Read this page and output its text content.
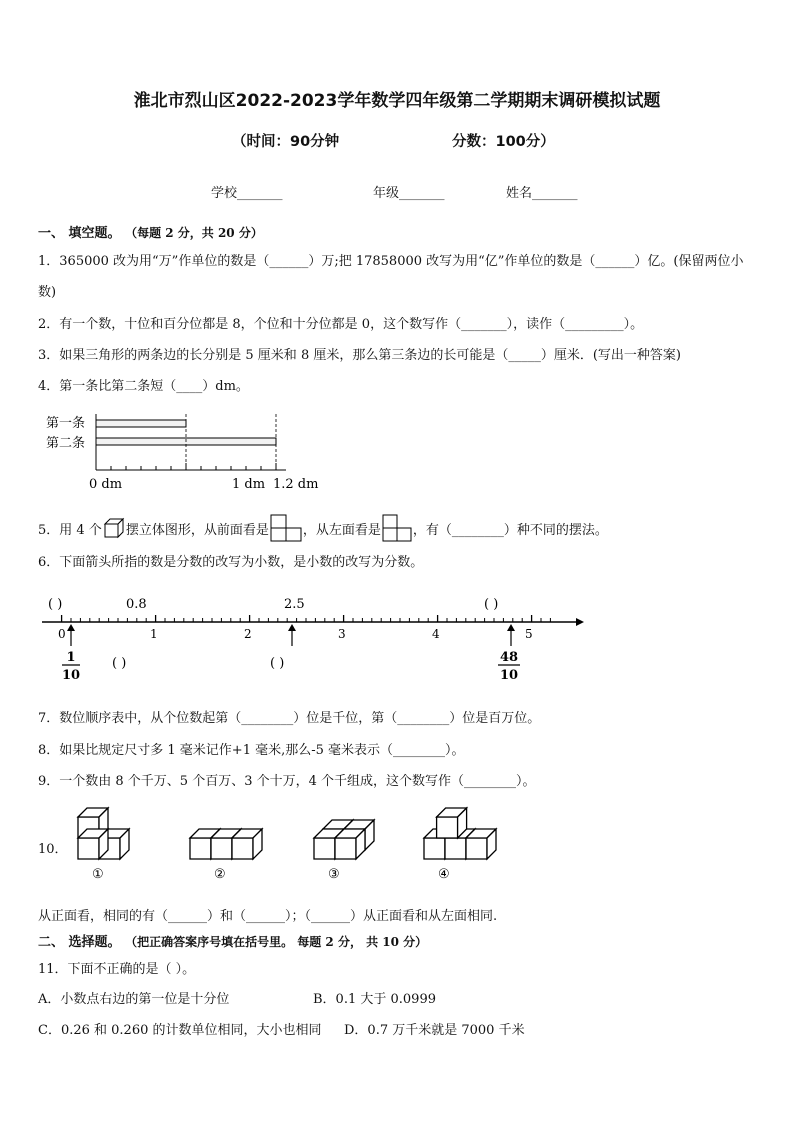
淮北市烈山区2022-2023学年数学四年级第二学期期末调研模拟试题
（时间：90分钟	分数：100分）
学校_______	年级_______	姓名_______
一、 填空题。 （每题 2 分，共 20 分）
1．365000 改为用“万”作单位的数是（______）万;把 17858000 改写为用“亿”作单位的数是（______）亿。(保留两位小
数)
2．有一个数，十位和百分位都是 8，个位和十分位都是 0，这个数写作（_______），读作（_________）。
3．如果三角形的两条边的长分别是 5 厘米和 8 厘米，那么第三条边的长可能是（_____）厘米．(写出一种答案)
4．第一条比第二条短（____）dm。
第一条
第二条
0 dm	1 dm 1.2 dm
5．用 4 个 摆立体图形，从前面看是	，从左面看是 ，有（________）种不同的摆法。
6．下面箭头所指的数是分数的改写为小数，是小数的改写为分数。
( )	0.8	2.5	( )
0	1	2	3	4	5
1
10
( )	( )	48
10
7．数位顺序表中，从个位数起第（________）位是千位，第（________）位是百万位。
8．如果比规定尺寸多 1 毫米记作+1 毫米,那么-5 毫米表示（________）。
9．一个数由 8 个千万、5 个百万、3 个十万，4 个千组成，这个数写作（________）。
10．
①	②	③	④
从正面看，相同的有（______）和（______）；（______）从正面看和从左面相同.
二、 选择题。 （把正确答案序号填在括号里。 每题 2 分， 共 10 分）
11．下面不正确的是（ ）。
A．小数点右边的第一位是十分位	B．0.1 大于 0.0999
C．0.26 和 0.260 的计数单位相同，大小也相同 D．0.7 万千米就是 7000 千米
